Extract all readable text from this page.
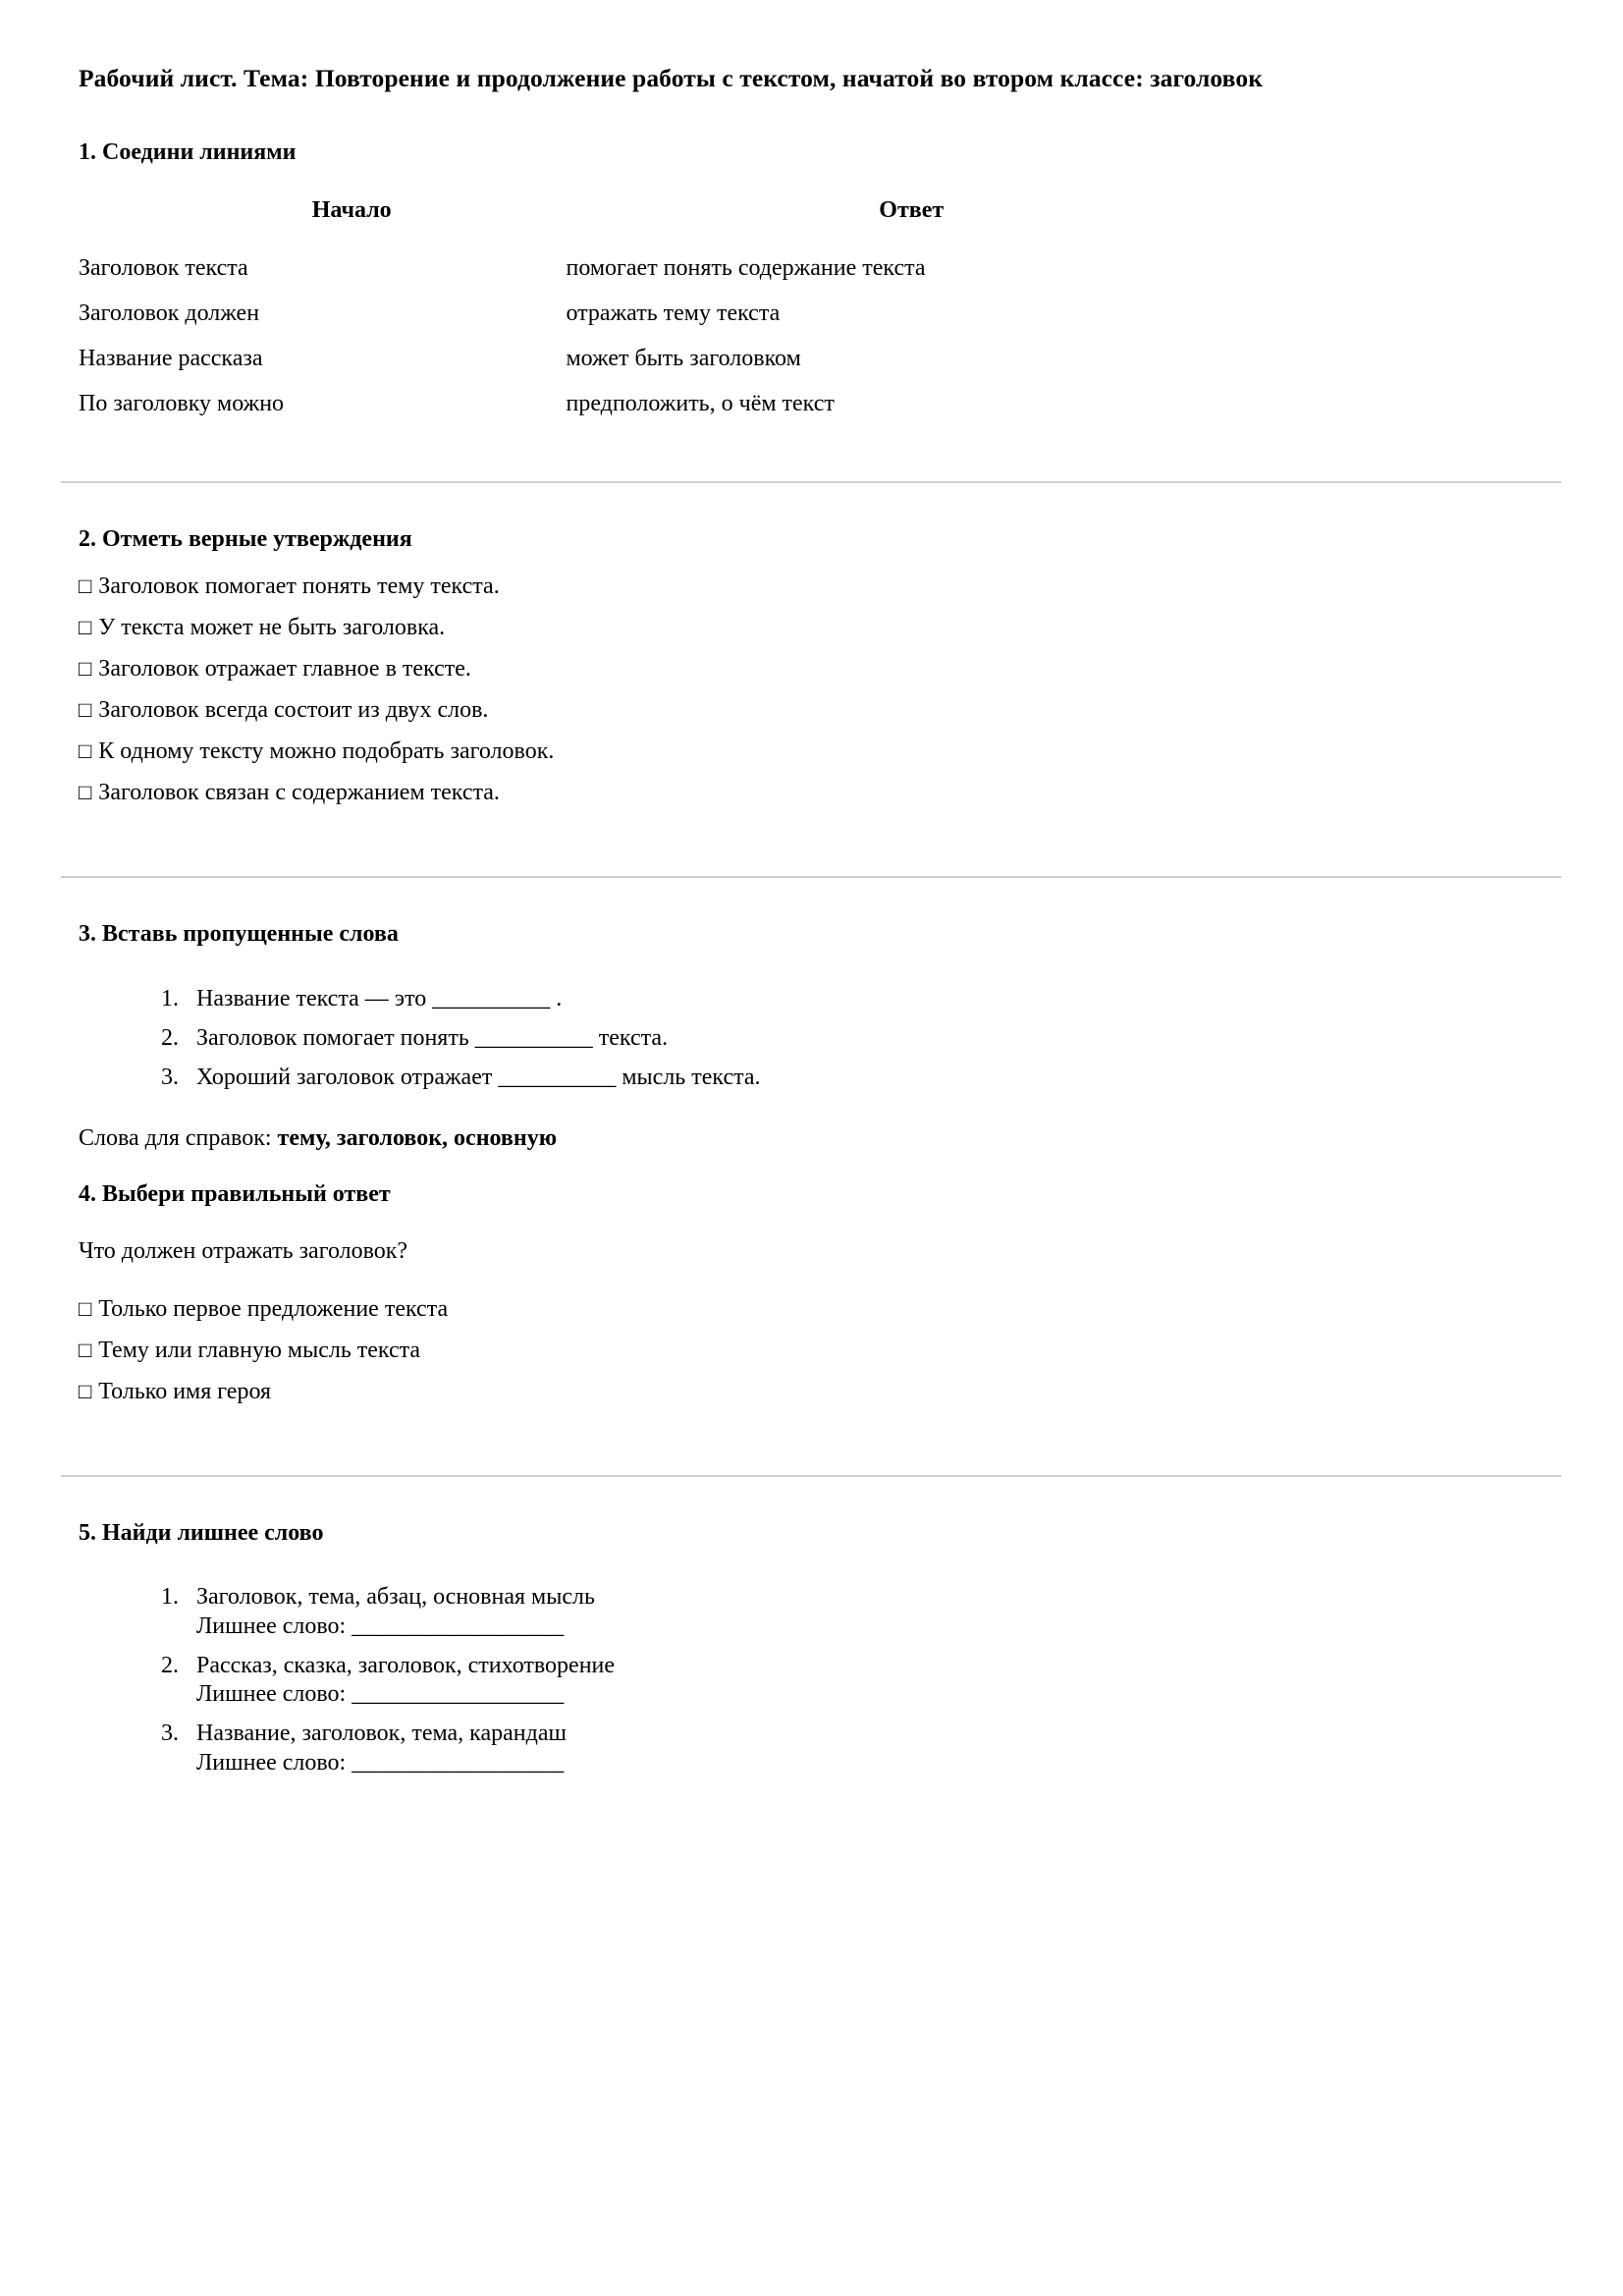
Рабочий лист. Тема: Повторение и продолжение работы с текстом, начатой во втором классе: заголовок
1. Соедини линиями
Начало	Ответ
Заголовок текста	помогает понять содержание текста
Заголовок должен	отражать тему текста
Название рассказа	может быть заголовком
По заголовку можно	предположить, о чём текст
2. Отметь верные утверждения
□ Заголовок помогает понять тему текста.
□ У текста может не быть заголовка.
□ Заголовок отражает главное в тексте.
□ Заголовок всегда состоит из двух слов.
□ К одному тексту можно подобрать заголовок.
□ Заголовок связан с содержанием текста.
3. Вставь пропущенные слова
1. Название текста — это __________ .
2. Заголовок помогает понять __________ текста.
3. Хороший заголовок отражает __________ мысль текста.
Слова для справок: тему, заголовок, основную
4. Выбери правильный ответ
Что должен отражать заголовок?
□ Только первое предложение текста
□ Тему или главную мысль текста
□ Только имя героя
5. Найди лишнее слово
1. Заголовок, тема, абзац, основная мысль
Лишнее слово: __________________
2. Рассказ, сказка, заголовок, стихотворение
Лишнее слово: __________________
3. Название, заголовок, тема, карандаш
Лишнее слово: __________________
